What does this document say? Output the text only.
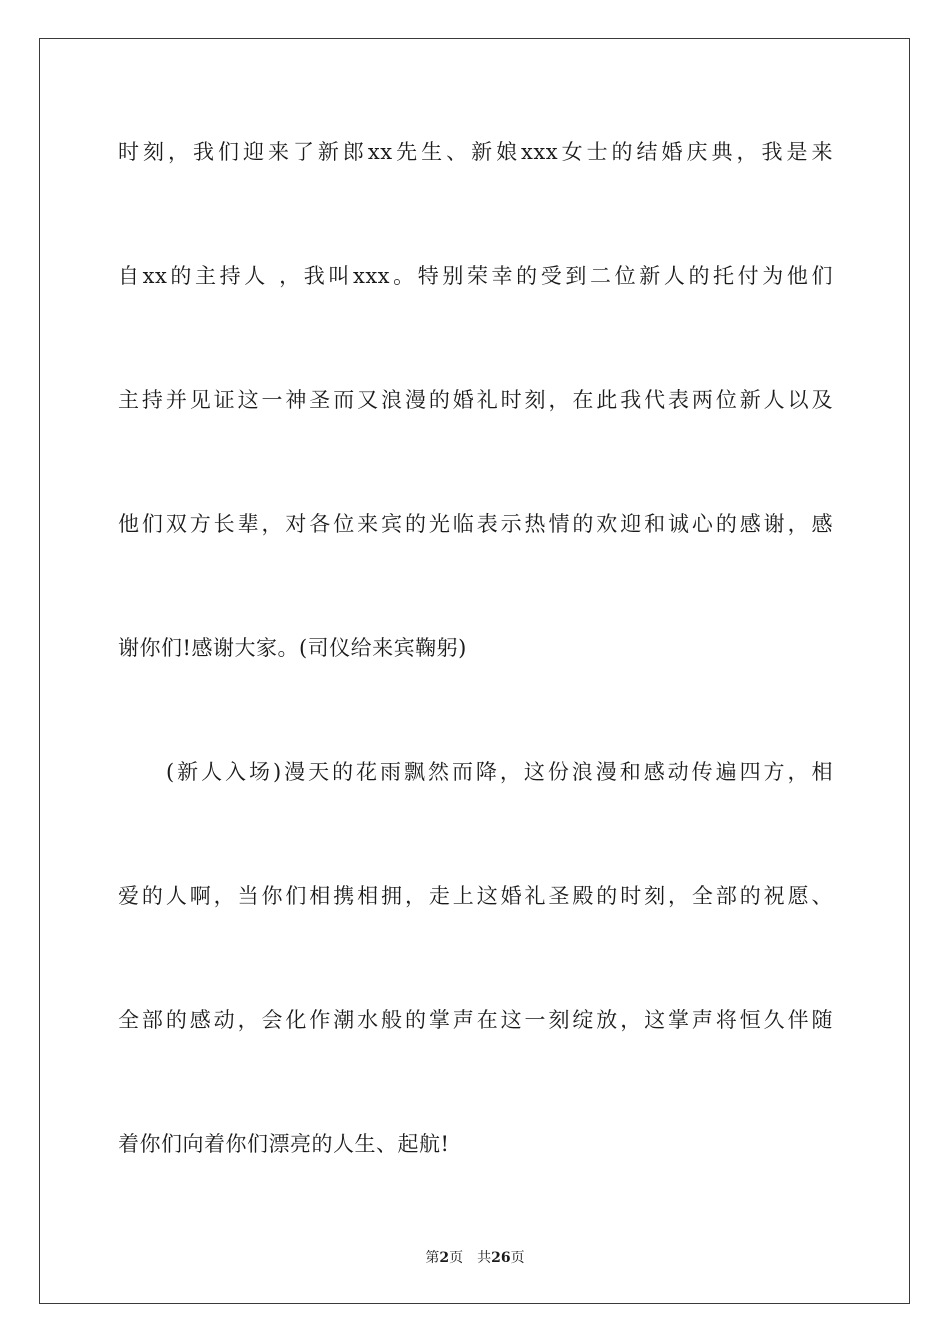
时刻，我们迎来了新郎xx先生、新娘xxx女士的结婚庆典，我是来
自xx的主持人 ，我叫xxx。特别荣幸的受到二位新人的托付为他们
主持并见证这一神圣而又浪漫的婚礼时刻，在此我代表两位新人以及
他们双方长辈，对各位来宾的光临表示热情的欢迎和诚心的感谢，感
谢你们!感谢大家。(司仪给来宾鞠躬)
　　(新人入场)漫天的花雨飘然而降，这份浪漫和感动传遍四方，相
爱的人啊，当你们相携相拥，走上这婚礼圣殿的时刻，全部的祝愿、
全部的感动，会化作潮水般的掌声在这一刻绽放，这掌声将恒久伴随
着你们向着你们漂亮的人生、起航!
第2页 共26页
